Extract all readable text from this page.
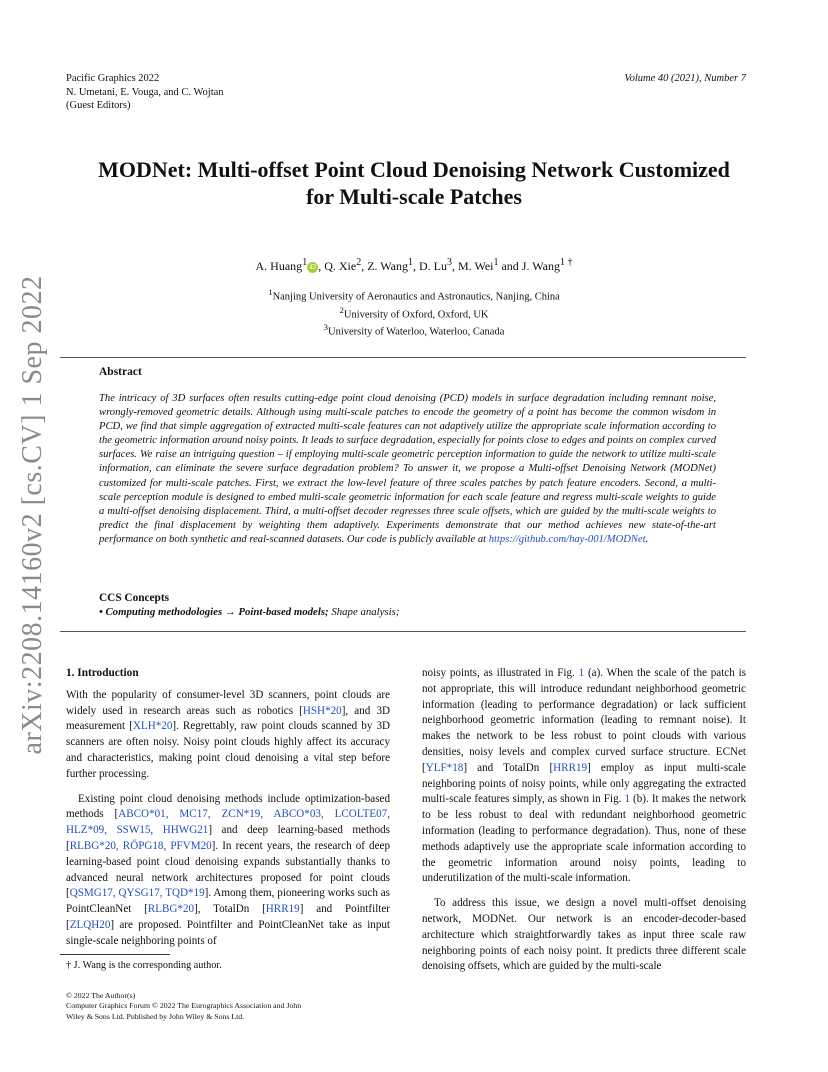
Pacific Graphics 2022
N. Umetani, E. Vouga, and C. Wojtan
(Guest Editors)
Volume 40 (2021), Number 7
arXiv:2208.14160v2 [cs.CV] 1 Sep 2022
MODNet: Multi-offset Point Cloud Denoising Network Customized
for Multi-scale Patches
A. Huang$^1$ iD , Q. Xie$^2$, Z. Wang$^1$, D. Lu$^3$, M. Wei$^1$ and J. Wang$^{1 \dagger}$
$^1$Nanjing University of Aeronautics and Astronautics, Nanjing, China
$^2$University of Oxford, Oxford, UK
$^3$University of Waterloo, Waterloo, Canada
Abstract
The intricacy of 3D surfaces often results cutting-edge point cloud denoising (PCD) models in surface degradation including remnant noise, wrongly-removed geometric details. Although using multi-scale patches to encode the geometry of a point has become the common wisdom in PCD, we find that simple aggregation of extracted multi-scale features can not adaptively utilize the appropriate scale information according to the geometric information around noisy points. It leads to surface degradation, especially for points close to edges and points on complex curved surfaces. We raise an intriguing question – if employing multi-scale geometric perception information to guide the network to utilize multi-scale information, can eliminate the severe surface degradation problem? To answer it, we propose a Multi-offset Denoising Network (MODNet) customized for multi-scale patches. First, we extract the low-level feature of three scales patches by patch feature encoders. Second, a multi-scale perception module is designed to embed multi-scale geometric information for each scale feature and regress multi-scale weights to guide a multi-offset denoising displacement. Third, a multi-offset decoder regresses three scale offsets, which are guided by the multi-scale weights to predict the final displacement by weighting them adaptively. Experiments demonstrate that our method achieves new state-of-the-art performance on both synthetic and real-scanned datasets. Our code is publicly available at https://github.com/hay-001/MODNet.
CCS Concepts
• Computing methodologies → Point-based models; Shape analysis;
1. Introduction

With the popularity of consumer-level 3D scanners, point clouds are widely used in research areas such as robotics [HSH*20], and 3D measurement [XLH*20]. Regrettably, raw point clouds scanned by 3D scanners are often noisy. Noisy point clouds highly affect its accuracy and characteristics, making point cloud denoising a vital step before further processing.

Existing point cloud denoising methods include optimization-based methods [ABCO*01, MC17, ZCN*19, ABCO*03, LCOLTE07, HLZ*09, SSW15, HHWG21] and deep learning-based methods [RLBG*20, RÖPG18, PFVM20]. In recent years, the research of deep learning-based point cloud denoising expands substantially thanks to advanced neural network architectures proposed for point clouds [QSMG17, QYSG17, TQD*19]. Among them, pioneering works such as PointCleanNet [RLBG*20], TotalDn [HRR19] and Pointfilter [ZLQH20] are proposed. Pointfilter and PointCleanNet take as input single-scale neighboring points of

noisy points, as illustrated in Fig. 1 (a). When the scale of the patch is not appropriate, this will introduce redundant neighborhood geometric information (leading to performance degradation) or lack sufficient neighborhood geometric information (leading to remnant noise). It makes the network to be less robust to point clouds with various densities, noisy levels and complex curved surface structure. ECNet [YLF*18] and TotalDn [HRR19] employ as input multi-scale neighboring points of noisy points, while only aggregating the extracted multi-scale features simply, as shown in Fig. 1 (b). It makes the network to be less robust to deal with redundant neighborhood geometric information (leading to performance degradation). Thus, none of these methods adaptively use the appropriate scale information according to the geometric information around noisy points, leading to underutilization of the multi-scale information.

To address this issue, we design a novel multi-offset denoising network, MODNet. Our network is an encoder-decoder-based architecture which straightforwardly takes as input three scale raw neighboring points of each noisy point. It predicts three different scale denoising offsets, which are guided by the multi-scale

† J. Wang is the corresponding author.
© 2022 The Author(s)
Computer Graphics Forum © 2022 The Eurographics Association and John
Wiley & Sons Ltd. Published by John Wiley & Sons Ltd.
